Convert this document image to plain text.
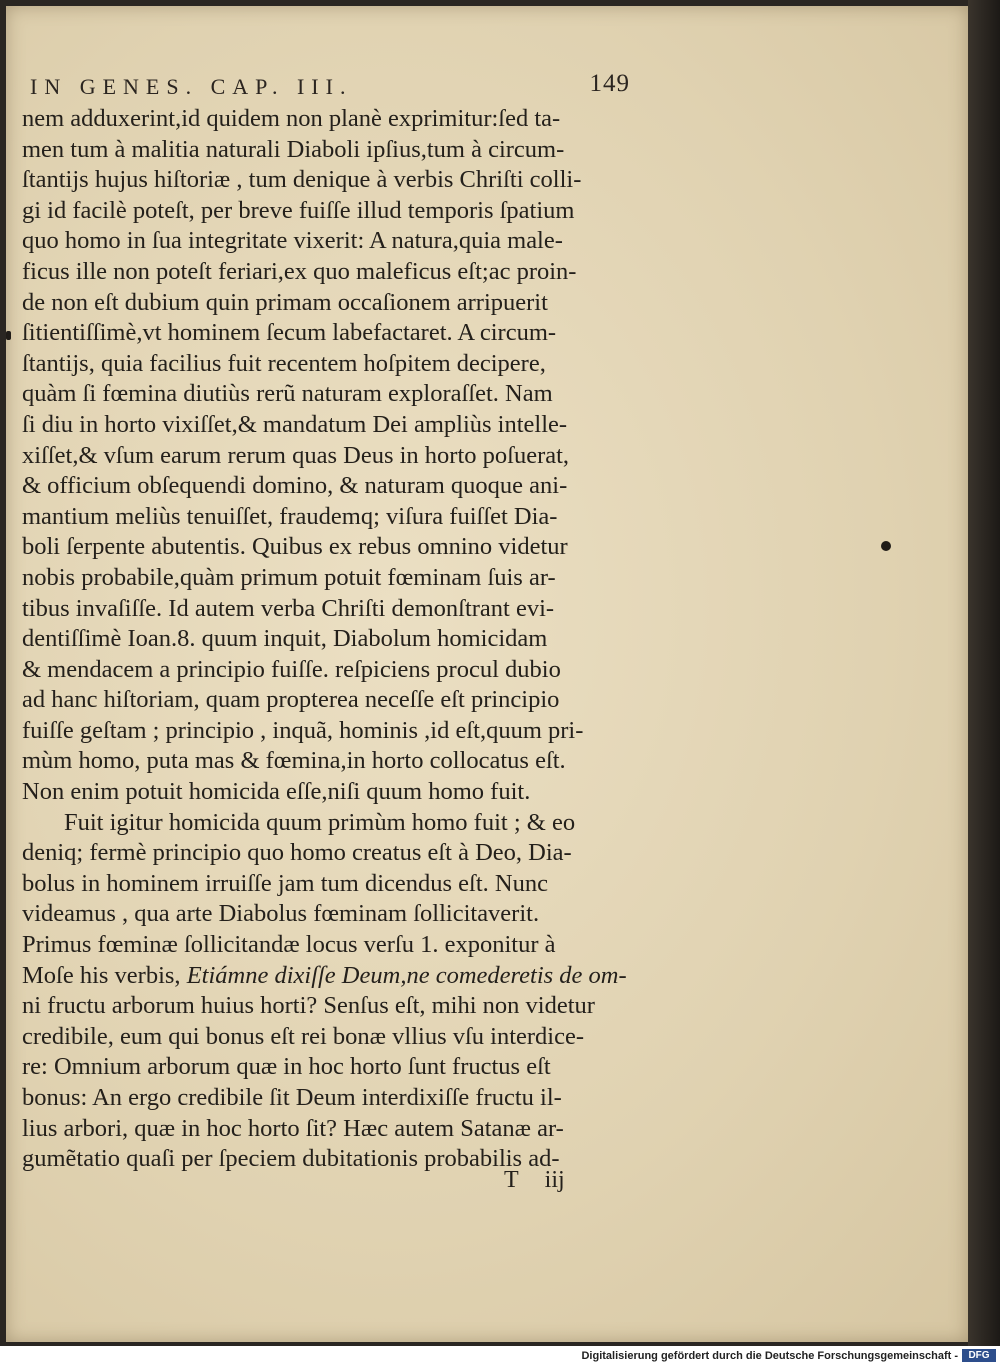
IN GENES. CAP. III.	149
nem adduxerint,id quidem non planè exprimitur:ſed ta-
men tum à malitia naturali Diaboli ipſius,tum à circum-
ſtantijs hujus hiſtoriæ , tum denique à verbis Chriſti colli-
gi id facilè poteſt, per breve fuiſſe illud temporis ſpatium
quo homo in ſua integritate vixerit: A natura,quia male-
ficus ille non poteſt feriari,ex quo maleficus eſt;ac proin-
de non eſt dubium quin primam occaſionem arripuerit
ſitientiſſimè,vt hominem ſecum labefactaret. A circum-
ſtantijs, quia facilius fuit recentem hoſpitem decipere,
quàm ſi fœmina diutiùs rerũ naturam exploraſſet. Nam
ſi diu in horto vixiſſet,& mandatum Dei ampliùs intelle-
xiſſet,& vſum earum rerum quas Deus in horto poſuerat,
& officium obſequendi domino, & naturam quoque ani-
mantium meliùs tenuiſſet, fraudemq; viſura fuiſſet Dia-
boli ſerpente abutentis. Quibus ex rebus omnino videtur
nobis probabile,quàm primum potuit fœminam ſuis ar-
tibus invaſiſſe. Id autem verba Chriſti demonſtrant evi-
dentiſſimè Ioan.8. quum inquit, Diabolum homicidam
& mendacem a principio fuiſſe. reſpiciens procul dubio
ad hanc hiſtoriam, quam propterea neceſſe eſt principio
fuiſſe geſtam ; principio , inquã, hominis ,id eſt,quum pri-
mùm homo, puta mas & fœmina,in horto collocatus eſt.
Non enim potuit homicida eſſe,niſi quum homo fuit.
Fuit igitur homicida quum primùm homo fuit ; & eo
deniq; fermè principio quo homo creatus eſt à Deo, Dia-
bolus in hominem irruiſſe jam tum dicendus eſt. Nunc
videamus , qua arte Diabolus fœminam ſollicitaverit.
Primus fœminæ ſollicitandæ locus verſu 1. exponitur à
Moſe his verbis, Etiámne dixiſſe Deum,ne comederetis de om-
ni fructu arborum huius horti? Senſus eſt, mihi non videtur
credibile, eum qui bonus eſt rei bonæ vllius vſu interdice-
re: Omnium arborum quæ in hoc horto ſunt fructus eſt
bonus: An ergo credibile ſit Deum interdixiſſe fructu il-
lius arbori, quæ in hoc horto ſit? Hæc autem Satanæ ar-
gumẽtatio quaſi per ſpeciem dubitationis probabilis ad-
T iij
Digitalisierung gefördert durch die Deutsche Forschungsgemeinschaft -	DFG
